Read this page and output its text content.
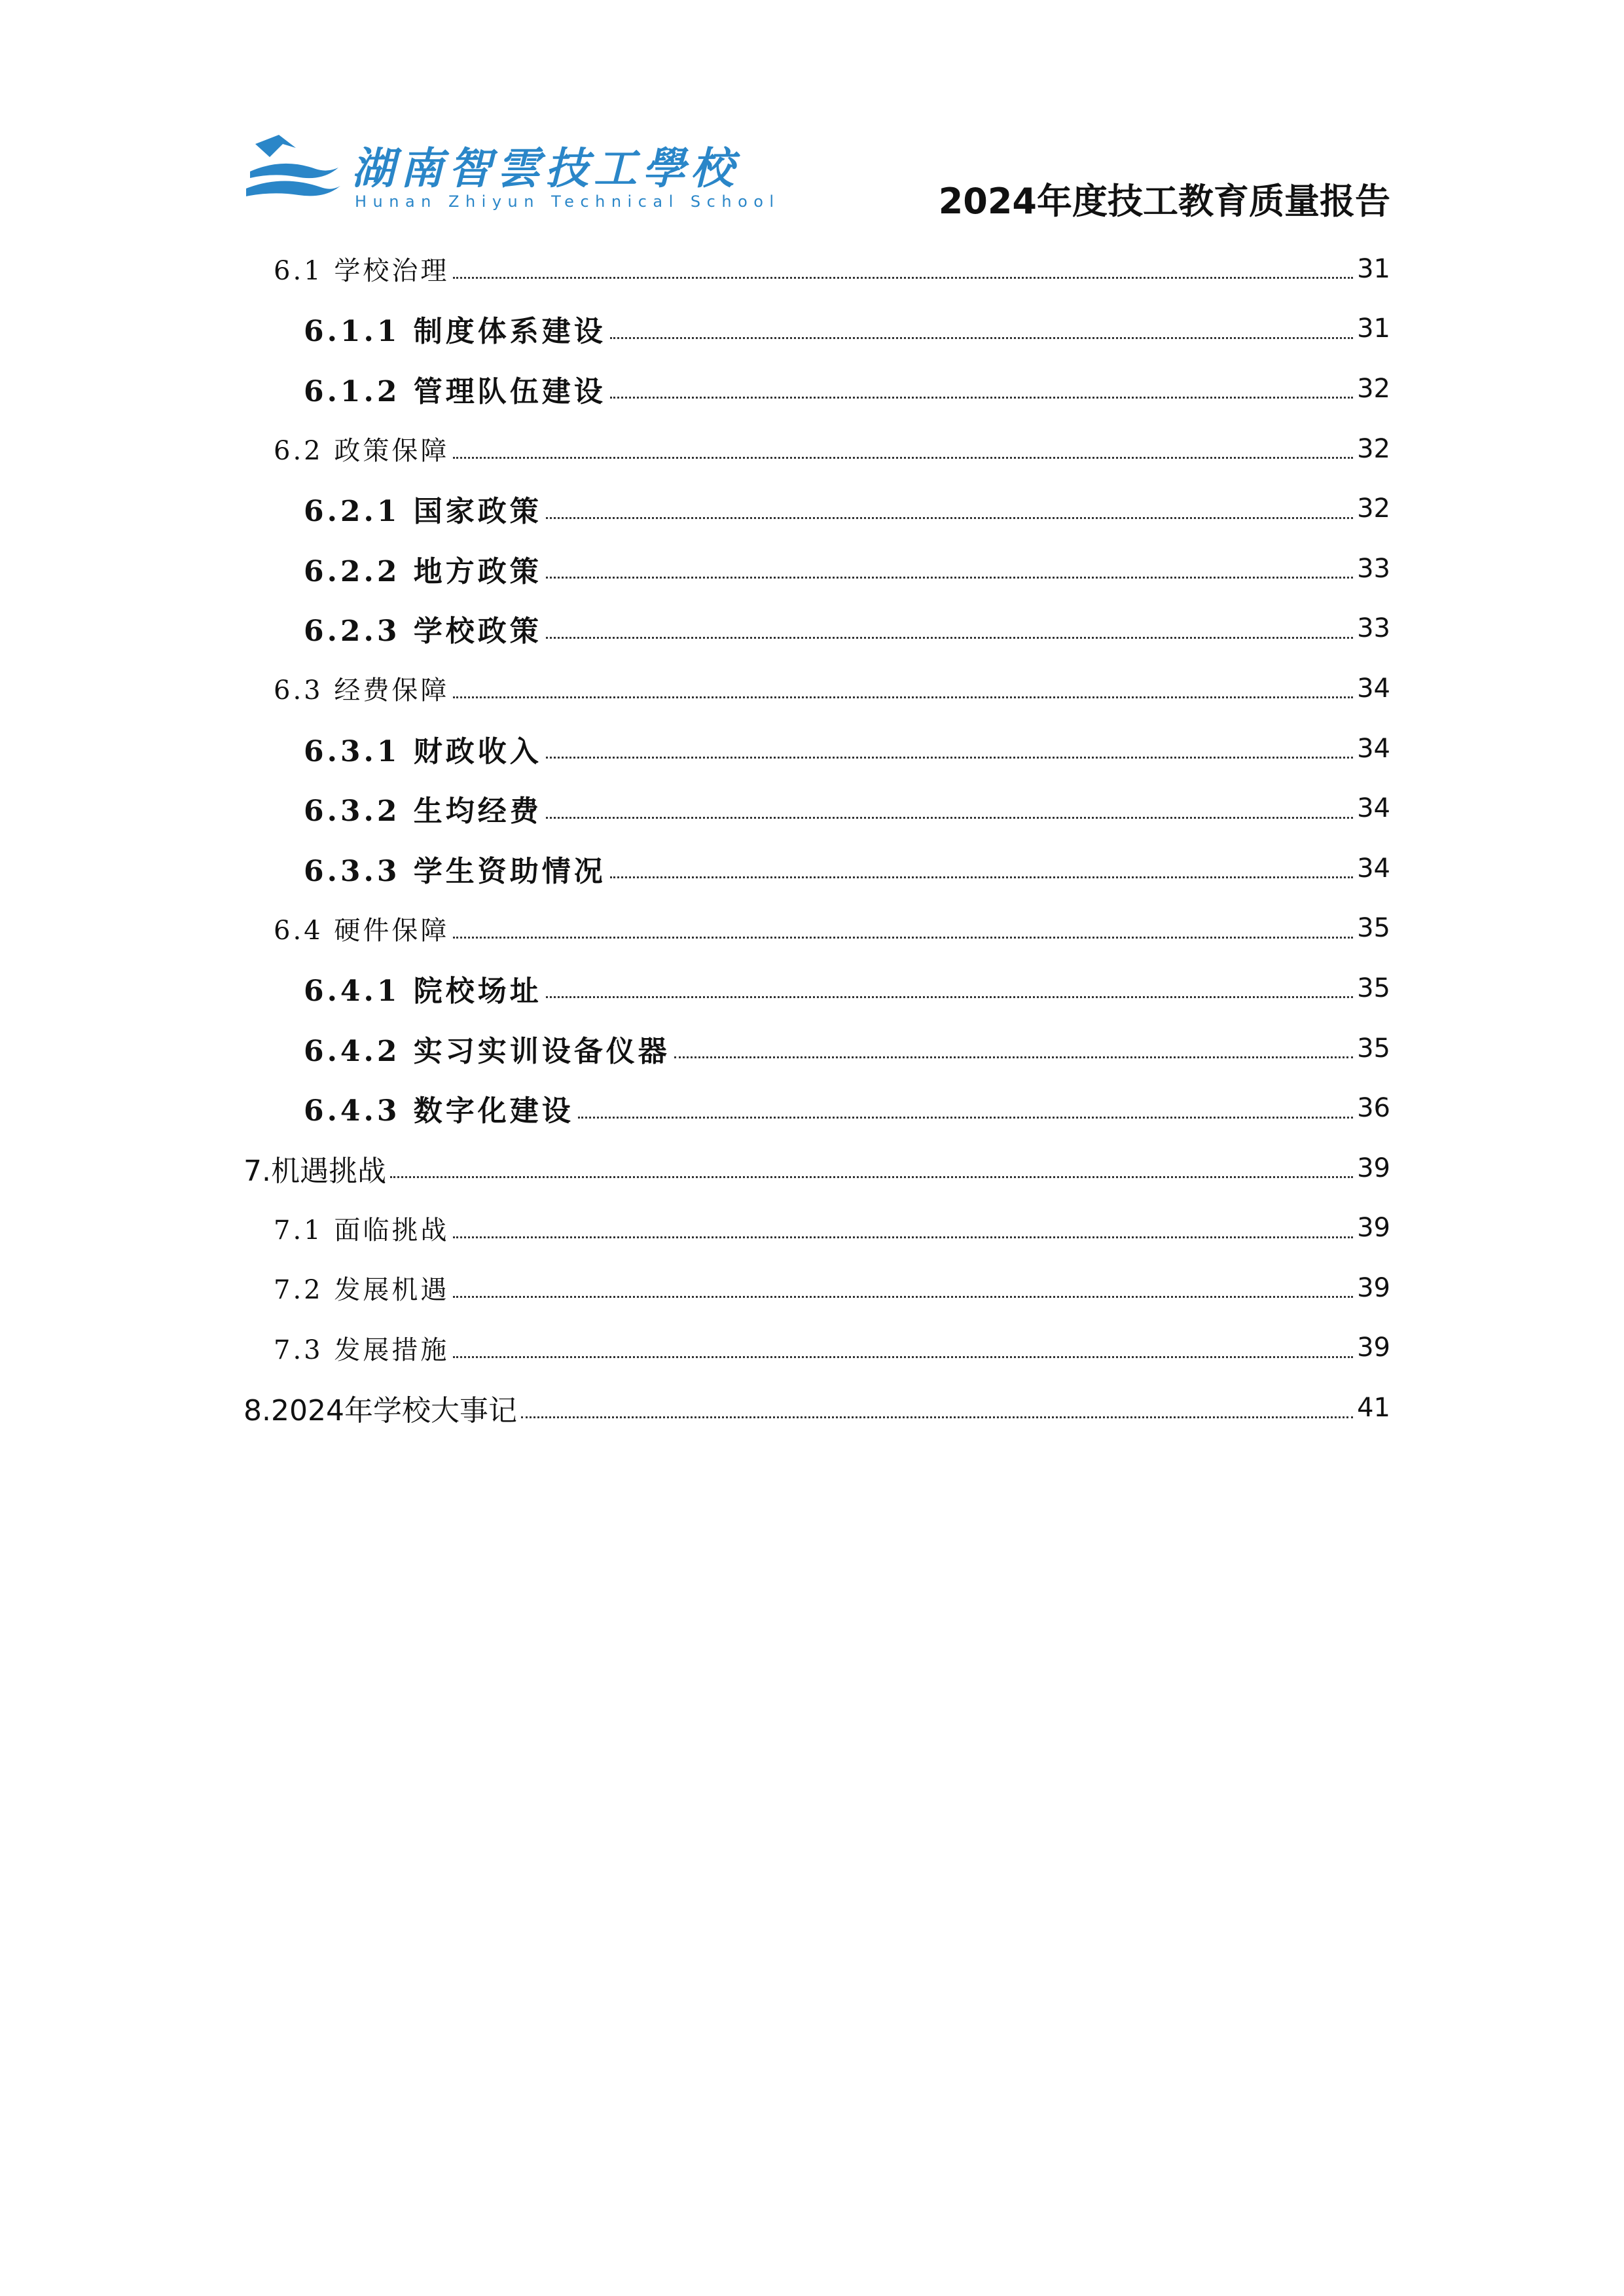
湖南智雲技工學校
Hunan Zhiyun Technical School	2024年度技工教育质量报告
6.1 学校治理	31
6.1.1 制度体系建设	31
6.1.2 管理队伍建设	32
6.2 政策保障	32
6.2.1 国家政策	32
6.2.2 地方政策	33
6.2.3 学校政策	33
6.3 经费保障	34
6.3.1 财政收入	34
6.3.2 生均经费	34
6.3.3 学生资助情况	34
6.4 硬件保障	35
6.4.1 院校场址	35
6.4.2 实习实训设备仪器	35
6.4.3 数字化建设	36
7.机遇挑战	39
7.1 面临挑战	39
7.2 发展机遇	39
7.3 发展措施	39
8.2024年学校大事记	41
